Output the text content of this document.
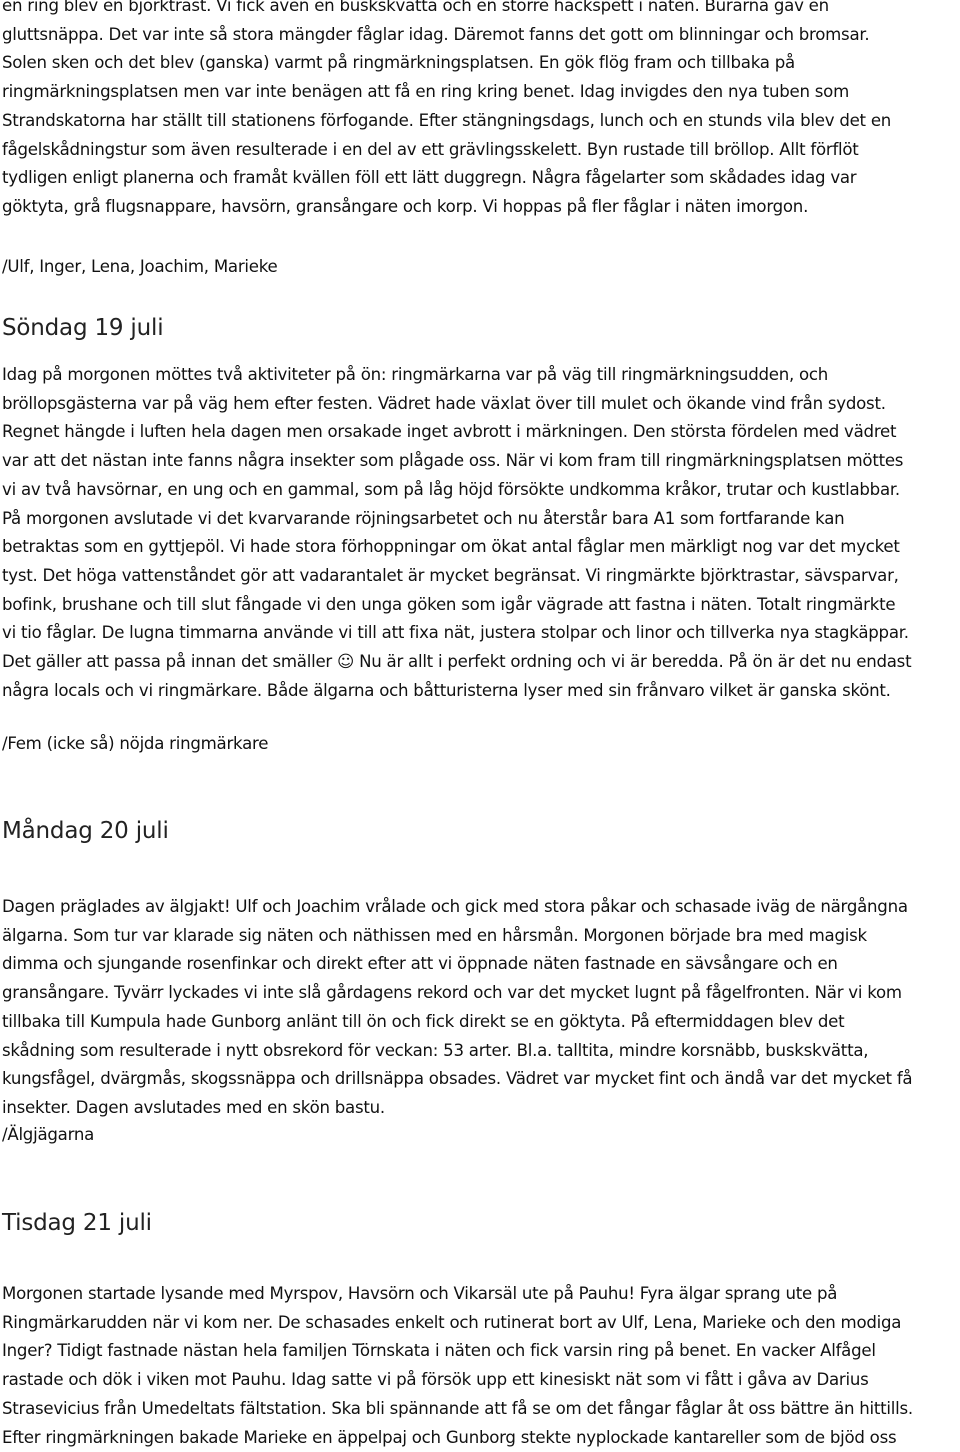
en ring blev en björktrast. Vi fick även en buskskvätta och en större hackspett i näten. Burarna gav en
gluttsnäppa. Det var inte så stora mängder fåglar idag. Däremot fanns det gott om blinningar och bromsar.
Solen sken och det blev (ganska) varmt på ringmärkningsplatsen. En gök flög fram och tillbaka på
ringmärkningsplatsen men var inte benägen att få en ring kring benet. Idag invigdes den nya tuben som
Strandskatorna har ställt till stationens förfogande. Efter stängningsdags, lunch och en stunds vila blev det en
fågelskådningstur som även resulterade i en del av ett grävlingsskelett. Byn rustade till bröllop. Allt förflöt
tydligen enligt planerna och framåt kvällen föll ett lätt duggregn. Några fågelarter som skådades idag var
göktyta, grå flugsnappare, havsörn, gransångare och korp. Vi hoppas på fler fåglar i näten imorgon.
/Ulf, Inger, Lena, Joachim, Marieke
Söndag 19 juli
Idag på morgonen möttes två aktiviteter på ön: ringmärkarna var på väg till ringmärkningsudden, och
bröllopsgästerna var på väg hem efter festen. Vädret hade växlat över till mulet och ökande vind från sydost.
Regnet hängde i luften hela dagen men orsakade inget avbrott i märkningen. Den största fördelen med vädret
var att det nästan inte fanns några insekter som plågade oss. När vi kom fram till ringmärkningsplatsen möttes
vi av två havsörnar, en ung och en gammal, som på låg höjd försökte undkomma kråkor, trutar och kustlabbar.
På morgonen avslutade vi det kvarvarande röjningsarbetet och nu återstår bara A1 som fortfarande kan
betraktas som en gyttjepöl. Vi hade stora förhoppningar om ökat antal fåglar men märkligt nog var det mycket
tyst. Det höga vattenståndet gör att vadarantalet är mycket begränsat. Vi ringmärkte björktrastar, sävsparvar,
bofink, brushane och till slut fångade vi den unga göken som igår vägrade att fastna i näten. Totalt ringmärkte
vi tio fåglar. De lugna timmarna använde vi till att fixa nät, justera stolpar och linor och tillverka nya stagkäppar.
Det gäller att passa på innan det smäller ☺ Nu är allt i perfekt ordning och vi är beredda. På ön är det nu endast
några locals och vi ringmärkare. Både älgarna och båtturisterna lyser med sin frånvaro vilket är ganska skönt.
/Fem (icke så) nöjda ringmärkare
Måndag 20 juli
Dagen präglades av älgjakt! Ulf och Joachim vrålade och gick med stora påkar och schasade iväg de närgångna
älgarna. Som tur var klarade sig näten och näthissen med en hårsmån. Morgonen började bra med magisk
dimma och sjungande rosenfinkar och direkt efter att vi öppnade näten fastnade en sävsångare och en
gransångare. Tyvärr lyckades vi inte slå gårdagens rekord och var det mycket lugnt på fågelfronten. När vi kom
tillbaka till Kumpula hade Gunborg anlänt till ön och fick direkt se en göktyta. På eftermiddagen blev det
skådning som resulterade i nytt obsrekord för veckan: 53 arter. Bl.a. talltita, mindre korsnäbb, buskskvätta,
kungsfågel, dvärgmås, skogssnäppa och drillsnäppa obsades. Vädret var mycket fint och ändå var det mycket få
insekter. Dagen avslutades med en skön bastu.
/Älgjägarna
Tisdag 21 juli
Morgonen startade lysande med Myrspov, Havsörn och Vikarsäl ute på Pauhu! Fyra älgar sprang ute på
Ringmärkarudden när vi kom ner. De schasades enkelt och rutinerat bort av Ulf, Lena, Marieke och den modiga
Inger? Tidigt fastnade nästan hela familjen Törnskata i näten och fick varsin ring på benet. En vacker Alfågel
rastade och dök i viken mot Pauhu. Idag satte vi på försök upp ett kinesiskt nät som vi fått i gåva av Darius
Strasevicius från Umedeltats fältstation. Ska bli spännande att få se om det fångar fåglar åt oss bättre än hittills.
Efter ringmärkningen bakade Marieke en äppelpaj och Gunborg stekte nyplockade kantareller som de bjöd oss
